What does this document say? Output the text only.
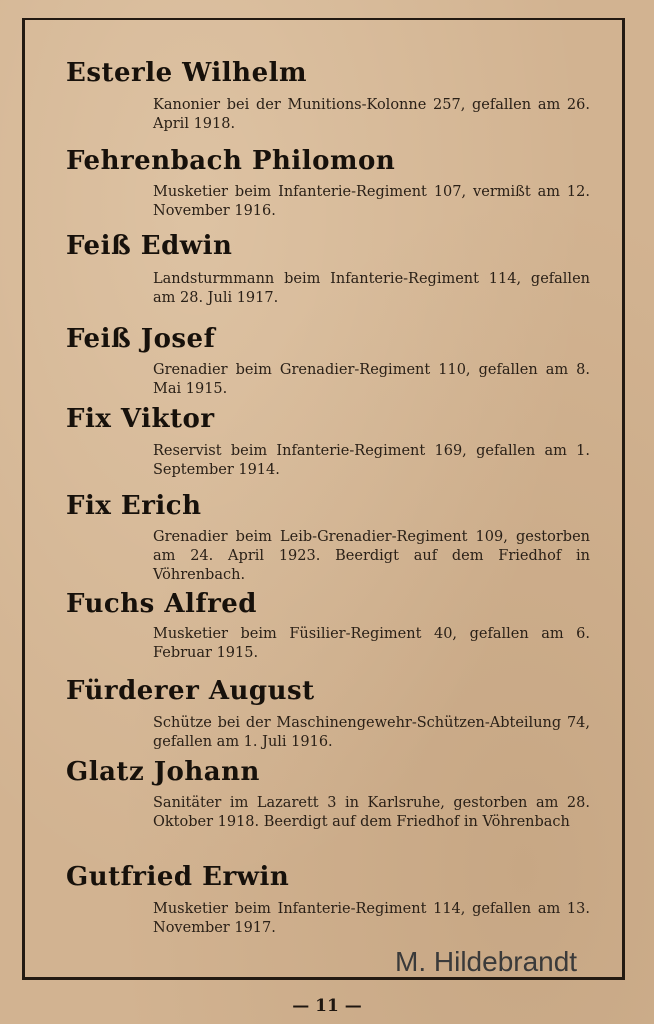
Esterle Wilhelm
Kanonier bei der Munitions-Kolonne 257, gefallen am 26. April 1918.
Fehrenbach Philomon
Musketier beim Infanterie-Regiment 107, vermißt am 12. November 1916.
Feiß Edwin
Landsturmmann beim Infanterie-Regiment 114, gefallen am 28. Juli 1917.
Feiß Josef
Grenadier beim Grenadier-Regiment 110, gefallen am 8. Mai 1915.
Fix Viktor
Reservist beim Infanterie-Regiment 169, gefallen am 1. September 1914.
Fix Erich
Grenadier beim Leib-Grenadier-Regiment 109, gestorben am 24. April 1923. Beerdigt auf dem Friedhof in Vöhrenbach.
Fuchs Alfred
Musketier beim Füsilier-Regiment 40, gefallen am 6. Februar 1915.
Fürderer August
Schütze bei der Maschinengewehr-Schützen-Abteilung 74, gefallen am 1. Juli 1916.
Glatz Johann
Sanitäter im Lazarett 3 in Karlsruhe, gestorben am 28. Oktober 1918. Beerdigt auf dem Friedhof in Vöhrenbach
Gutfried Erwin
Musketier beim Infanterie-Regiment 114, gefallen am 13. November 1917.
M. Hildebrandt
— 11 —
